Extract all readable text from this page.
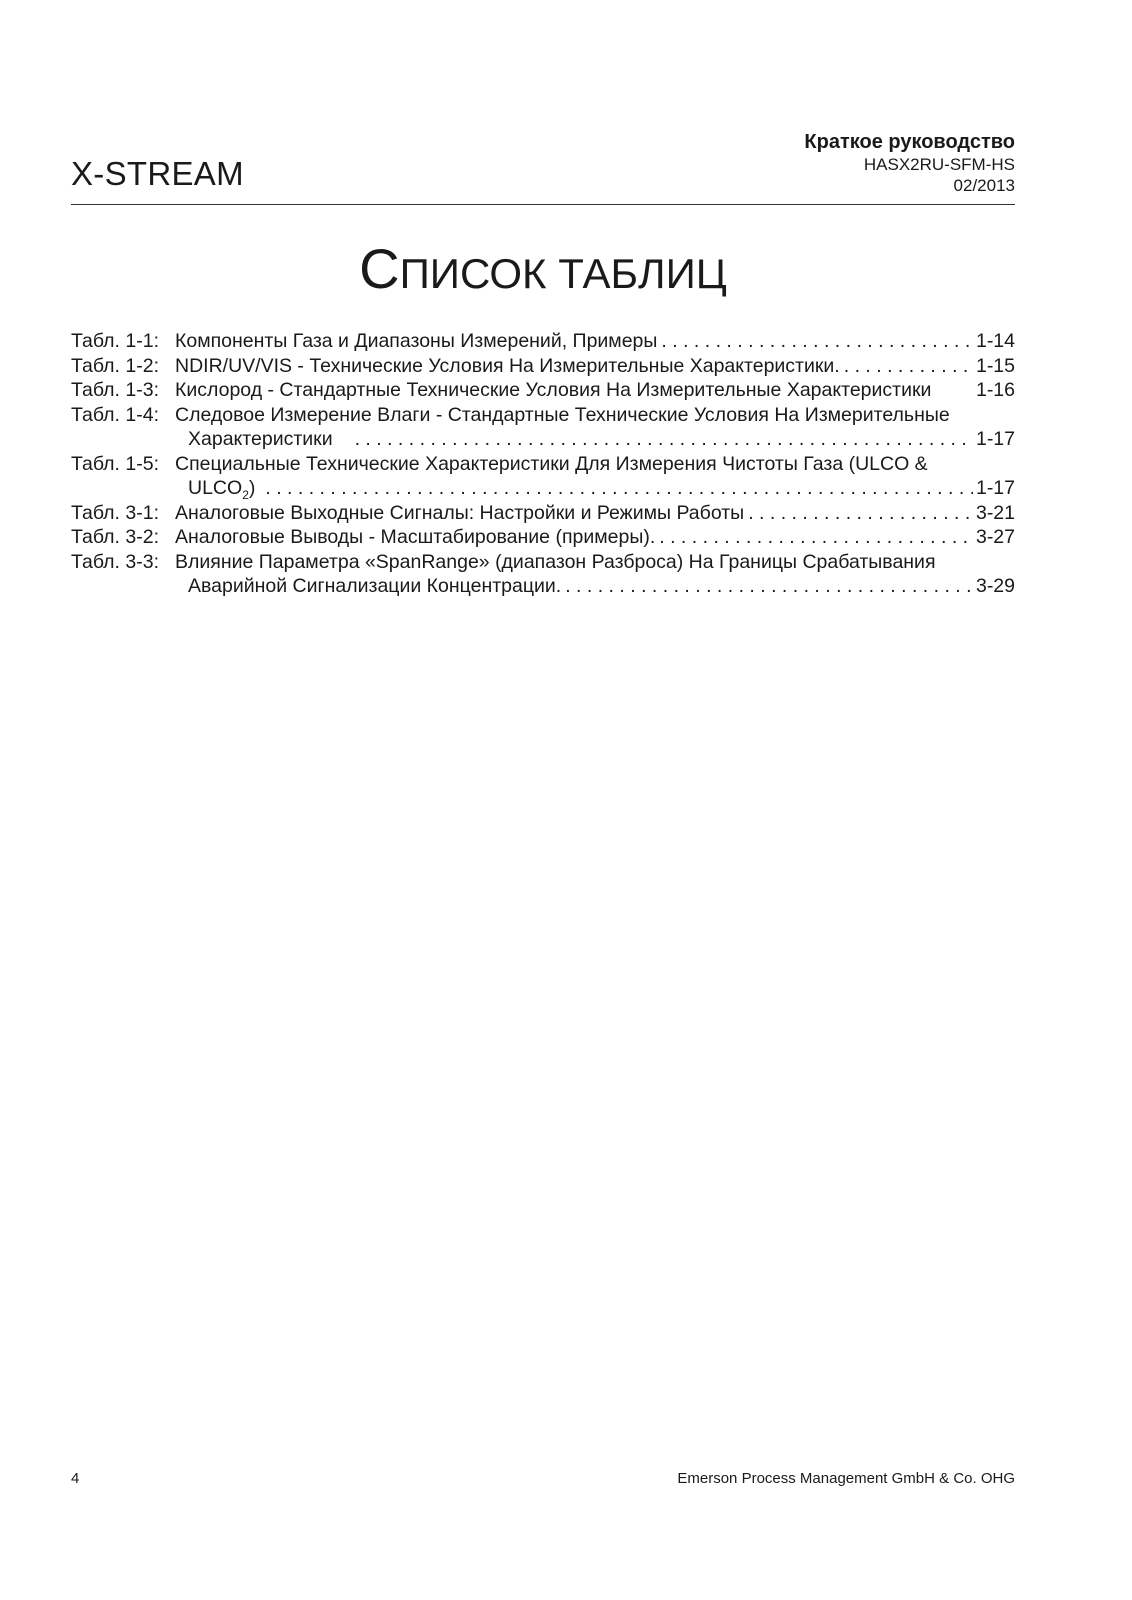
X-STREAM
Краткое руководство
HASX2RU-SFM-HS
02/2013
СПИСОК ТАБЛИЦ
Табл. 1-1: Компоненты Газа и Диапазоны Измерений, Примеры . . .	1-14
Табл. 1-2: NDIR/UV/VIS - Технические Условия На Измерительные Характеристики. . . .	1-15
Табл. 1-3: Кислород - Стандартные Технические Условия На Измерительные Характеристики 1-16
Табл. 1-4: Следовое Измерение Влаги - Стандартные Технические Условия На Измерительные
Характеристики . . .	1-17
Табл. 1-5: Специальные Технические Характеристики Для Измерения Чистоты Газа (ULCO &
$ULCO_2$) . . .	1-17
Табл. 3-1: Аналоговые Выходные Сигналы: Настройки и Режимы Работы . . .	3-21
Табл. 3-2: Аналоговые Выводы - Масштабирование (примеры). . . .	3-27
Табл. 3-3: Влияние Параметра «SpanRange» (диапазон Разброса) На Границы Срабатывания
Аварийной Сигнализации Концентрации. . . .	3-29
4	Emerson Process Management GmbH & Co. OHG
